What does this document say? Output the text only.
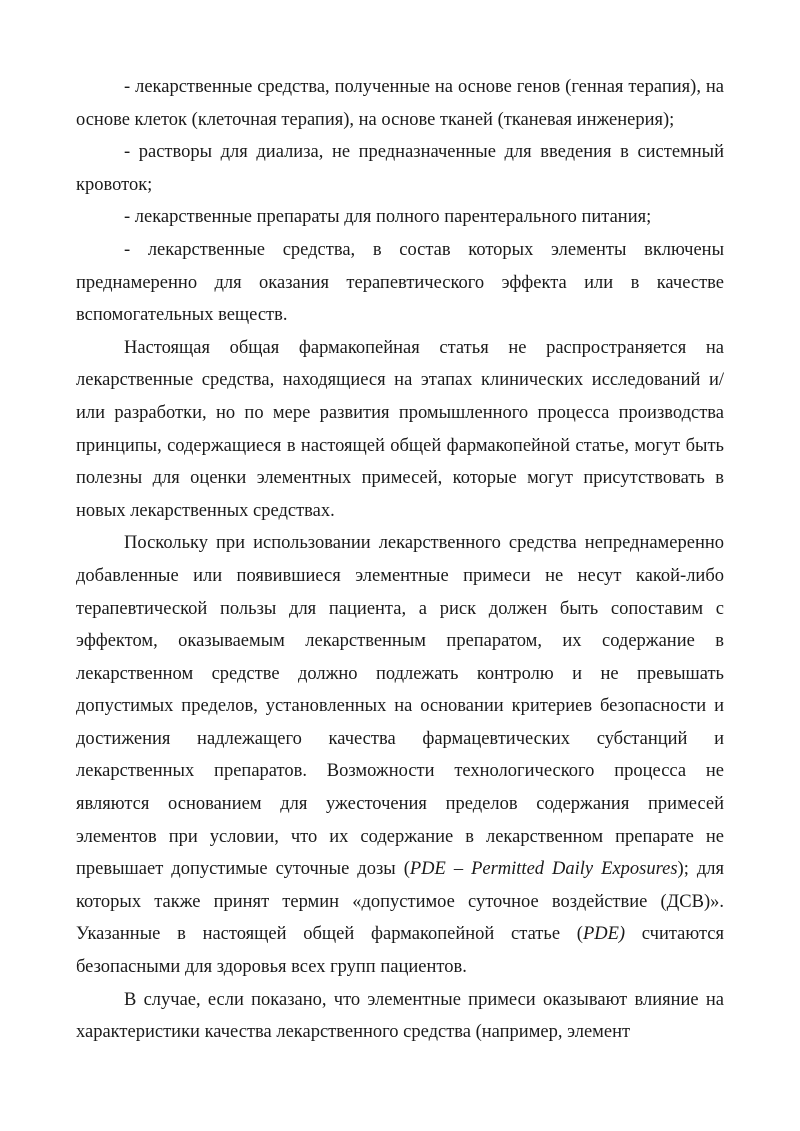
- лекарственные средства, полученные на основе генов (генная терапия), на основе клеток (клеточная терапия), на основе тканей (тканевая инженерия);

- растворы для диализа, не предназначенные для введения в системный кровоток;

- лекарственные препараты для полного парентерального питания;

- лекарственные средства, в состав которых элементы включены преднамеренно для оказания терапевтического эффекта или в качестве вспомогательных веществ.

Настоящая общая фармакопейная статья не распространяется на лекарственные средства, находящиеся на этапах клинических исследований и/или разработки, но по мере развития промышленного процесса производства принципы, содержащиеся в настоящей общей фармакопейной статье, могут быть полезны для оценки элементных примесей, которые могут присутствовать в новых лекарственных средствах.

Поскольку при использовании лекарственного средства непреднамеренно добавленные или появившиеся элементные примеси не несут какой-либо терапевтической пользы для пациента, а риск должен быть сопоставим с эффектом, оказываемым лекарственным препаратом, их содержание в лекарственном средстве должно подлежать контролю и не превышать допустимых пределов, установленных на основании критериев безопасности и достижения надлежащего качества фармацевтических субстанций и лекарственных препаратов. Возможности технологического процесса не являются основанием для ужесточения пределов содержания примесей элементов при условии, что их содержание в лекарственном препарате не превышает допустимые суточные дозы (PDE – Permitted Daily Exposures); для которых также принят термин «допустимое суточное воздействие (ДСВ)». Указанные в настоящей общей фармакопейной статье (PDE) считаются безопасными для здоровья всех групп пациентов.

В случае, если показано, что элементные примеси оказывают влияние на характеристики качества лекарственного средства (например, элемент
